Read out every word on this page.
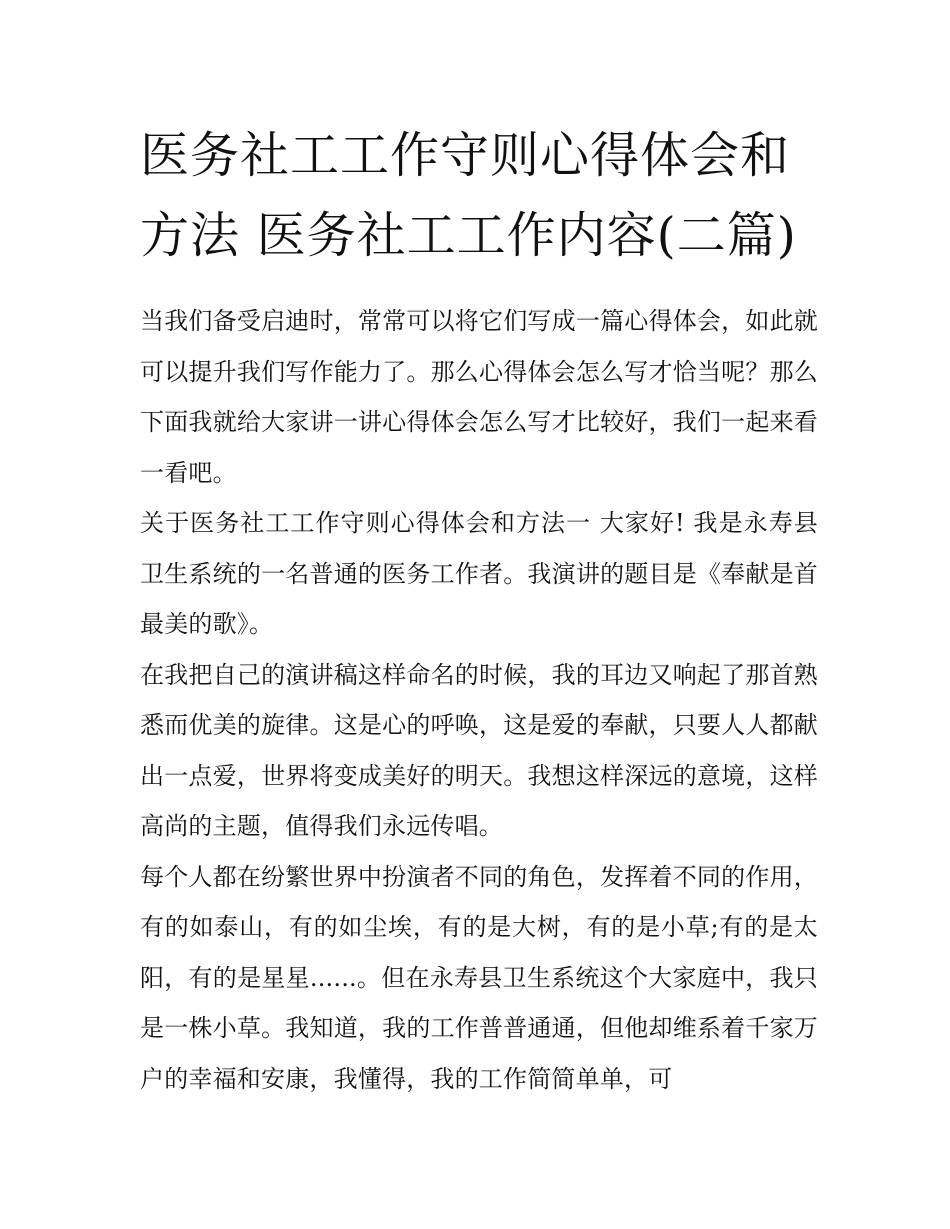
医务社工工作守则心得体会和方法 医务社工工作内容(二篇)

当我们备受启迪时，常常可以将它们写成一篇心得体会，如此就可以提升我们写作能力了。那么心得体会怎么写才恰当呢？那么下面我就给大家讲一讲心得体会怎么写才比较好，我们一起来看一看吧。

关于医务社工工作守则心得体会和方法一 大家好! 我是永寿县卫生系统的一名普通的医务工作者。我演讲的题目是《奉献是首最美的歌》。

在我把自己的演讲稿这样命名的时候，我的耳边又响起了那首熟悉而优美的旋律。这是心的呼唤，这是爱的奉献，只要人人都献出一点爱，世界将变成美好的明天。我想这样深远的意境，这样高尚的主题，值得我们永远传唱。

每个人都在纷繁世界中扮演者不同的角色，发挥着不同的作用，有的如泰山，有的如尘埃，有的是大树，有的是小草;有的是太阳，有的是星星......。但在永寿县卫生系统这个大家庭中，我只是一株小草。我知道，我的工作普普通通，但他却维系着千家万户的幸福和安康，我懂得，我的工作简简单单，可
